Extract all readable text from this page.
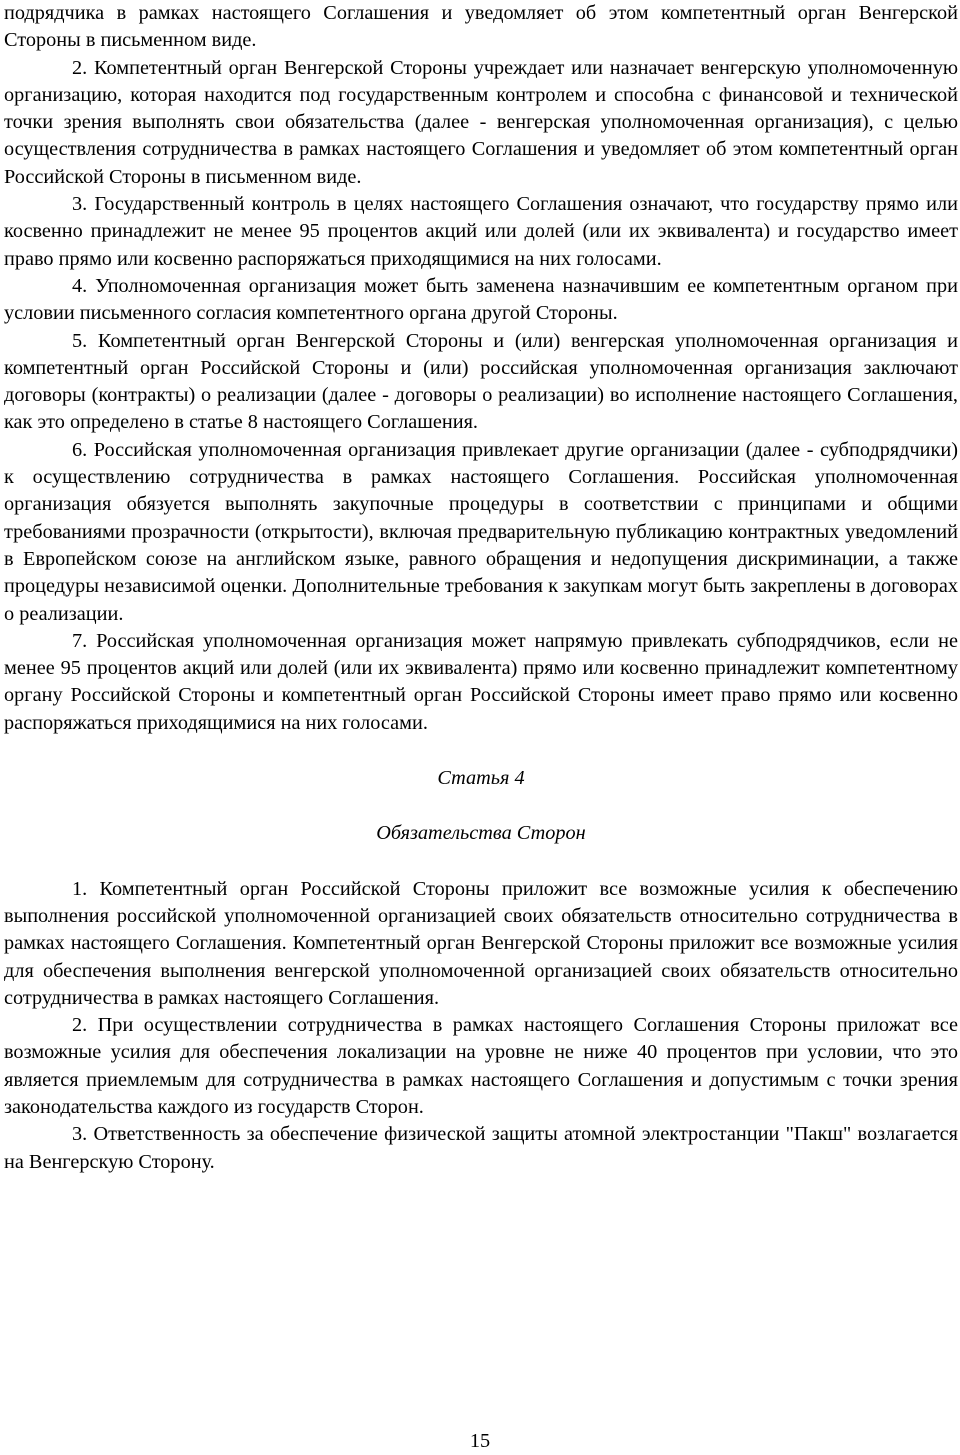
подрядчика в рамках настоящего Соглашения и уведомляет об этом компетентный орган Венгерской Стороны в письменном виде.

2. Компетентный орган Венгерской Стороны учреждает или назначает венгерскую уполномоченную организацию, которая находится под государственным контролем и способна с финансовой и технической точки зрения выполнять свои обязательства (далее - венгерская уполномоченная организация), с целью осуществления сотрудничества в рамках настоящего Соглашения и уведомляет об этом компетентный орган Российской Стороны в письменном виде.

3. Государственный контроль в целях настоящего Соглашения означают, что государству прямо или косвенно принадлежит не менее 95 процентов акций или долей (или их эквивалента) и государство имеет право прямо или косвенно распоряжаться приходящимися на них голосами.

4. Уполномоченная организация может быть заменена назначившим ее компетентным органом при условии письменного согласия компетентного органа другой Стороны.

5. Компетентный орган Венгерской Стороны и (или) венгерская уполномоченная организация и компетентный орган Российской Стороны и (или) российская уполномоченная организация заключают договоры (контракты) о реализации (далее - договоры о реализации) во исполнение настоящего Соглашения, как это определено в статье 8 настоящего Соглашения.

6. Российская уполномоченная организация привлекает другие организации (далее - субподрядчики) к осуществлению сотрудничества в рамках настоящего Соглашения. Российская уполномоченная организация обязуется выполнять закупочные процедуры в соответствии с принципами и общими требованиями прозрачности (открытости), включая предварительную публикацию контрактных уведомлений в Европейском союзе на английском языке, равного обращения и недопущения дискриминации, а также процедуры независимой оценки. Дополнительные требования к закупкам могут быть закреплены в договорах о реализации.

7. Российская уполномоченная организация может напрямую привлекать субподрядчиков, если не менее 95 процентов акций или долей (или их эквивалента) прямо или косвенно принадлежит компетентному органу Российской Стороны и компетентный орган Российской Стороны имеет право прямо или косвенно распоряжаться приходящимися на них голосами.

Статья 4

Обязательства Сторон

1. Компетентный орган Российской Стороны приложит все возможные усилия к обеспечению выполнения российской уполномоченной организацией своих обязательств относительно сотрудничества в рамках настоящего Соглашения. Компетентный орган Венгерской Стороны приложит все возможные усилия для обеспечения выполнения венгерской уполномоченной организацией своих обязательств относительно сотрудничества в рамках настоящего Соглашения.

2. При осуществлении сотрудничества в рамках настоящего Соглашения Стороны приложат все возможные усилия для обеспечения локализации на уровне не ниже 40 процентов при условии, что это является приемлемым для сотрудничества в рамках настоящего Соглашения и допустимым с точки зрения законодательства каждого из государств Сторон.

3. Ответственность за обеспечение физической защиты атомной электростанции "Пакш" возлагается на Венгерскую Сторону.

15
